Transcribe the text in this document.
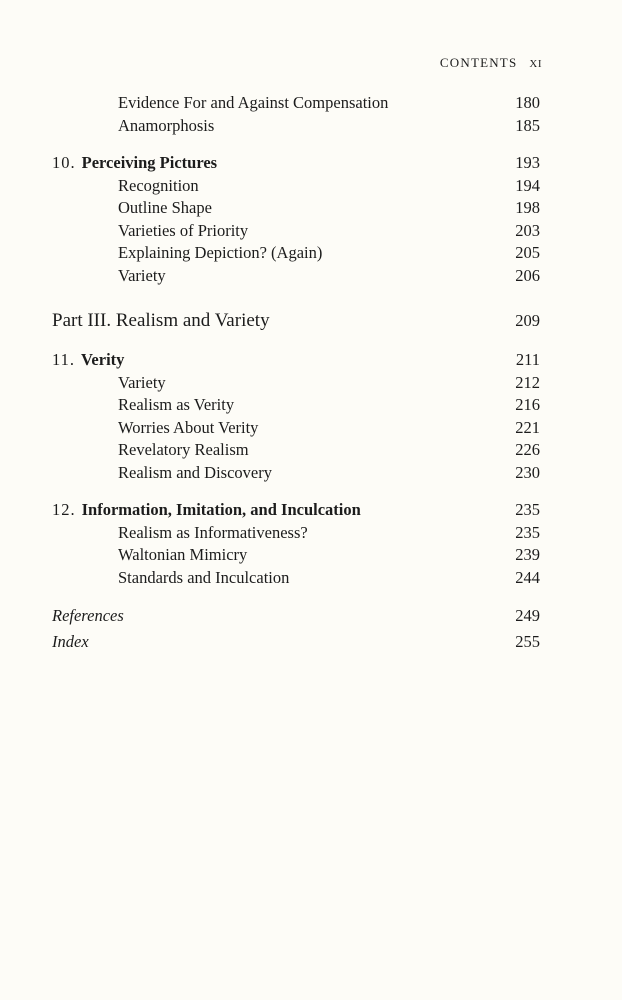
CONTENTS xi
Evidence For and Against Compensation	180
Anamorphosis	185
10. Perceiving Pictures	193
Recognition	194
Outline Shape	198
Varieties of Priority	203
Explaining Depiction? (Again)	205
Variety	206
Part III. Realism and Variety	209
11. Verity	211
Variety	212
Realism as Verity	216
Worries About Verity	221
Revelatory Realism	226
Realism and Discovery	230
12. Information, Imitation, and Inculcation	235
Realism as Informativeness?	235
Waltonian Mimicry	239
Standards and Inculcation	244
References	249
Index	255
